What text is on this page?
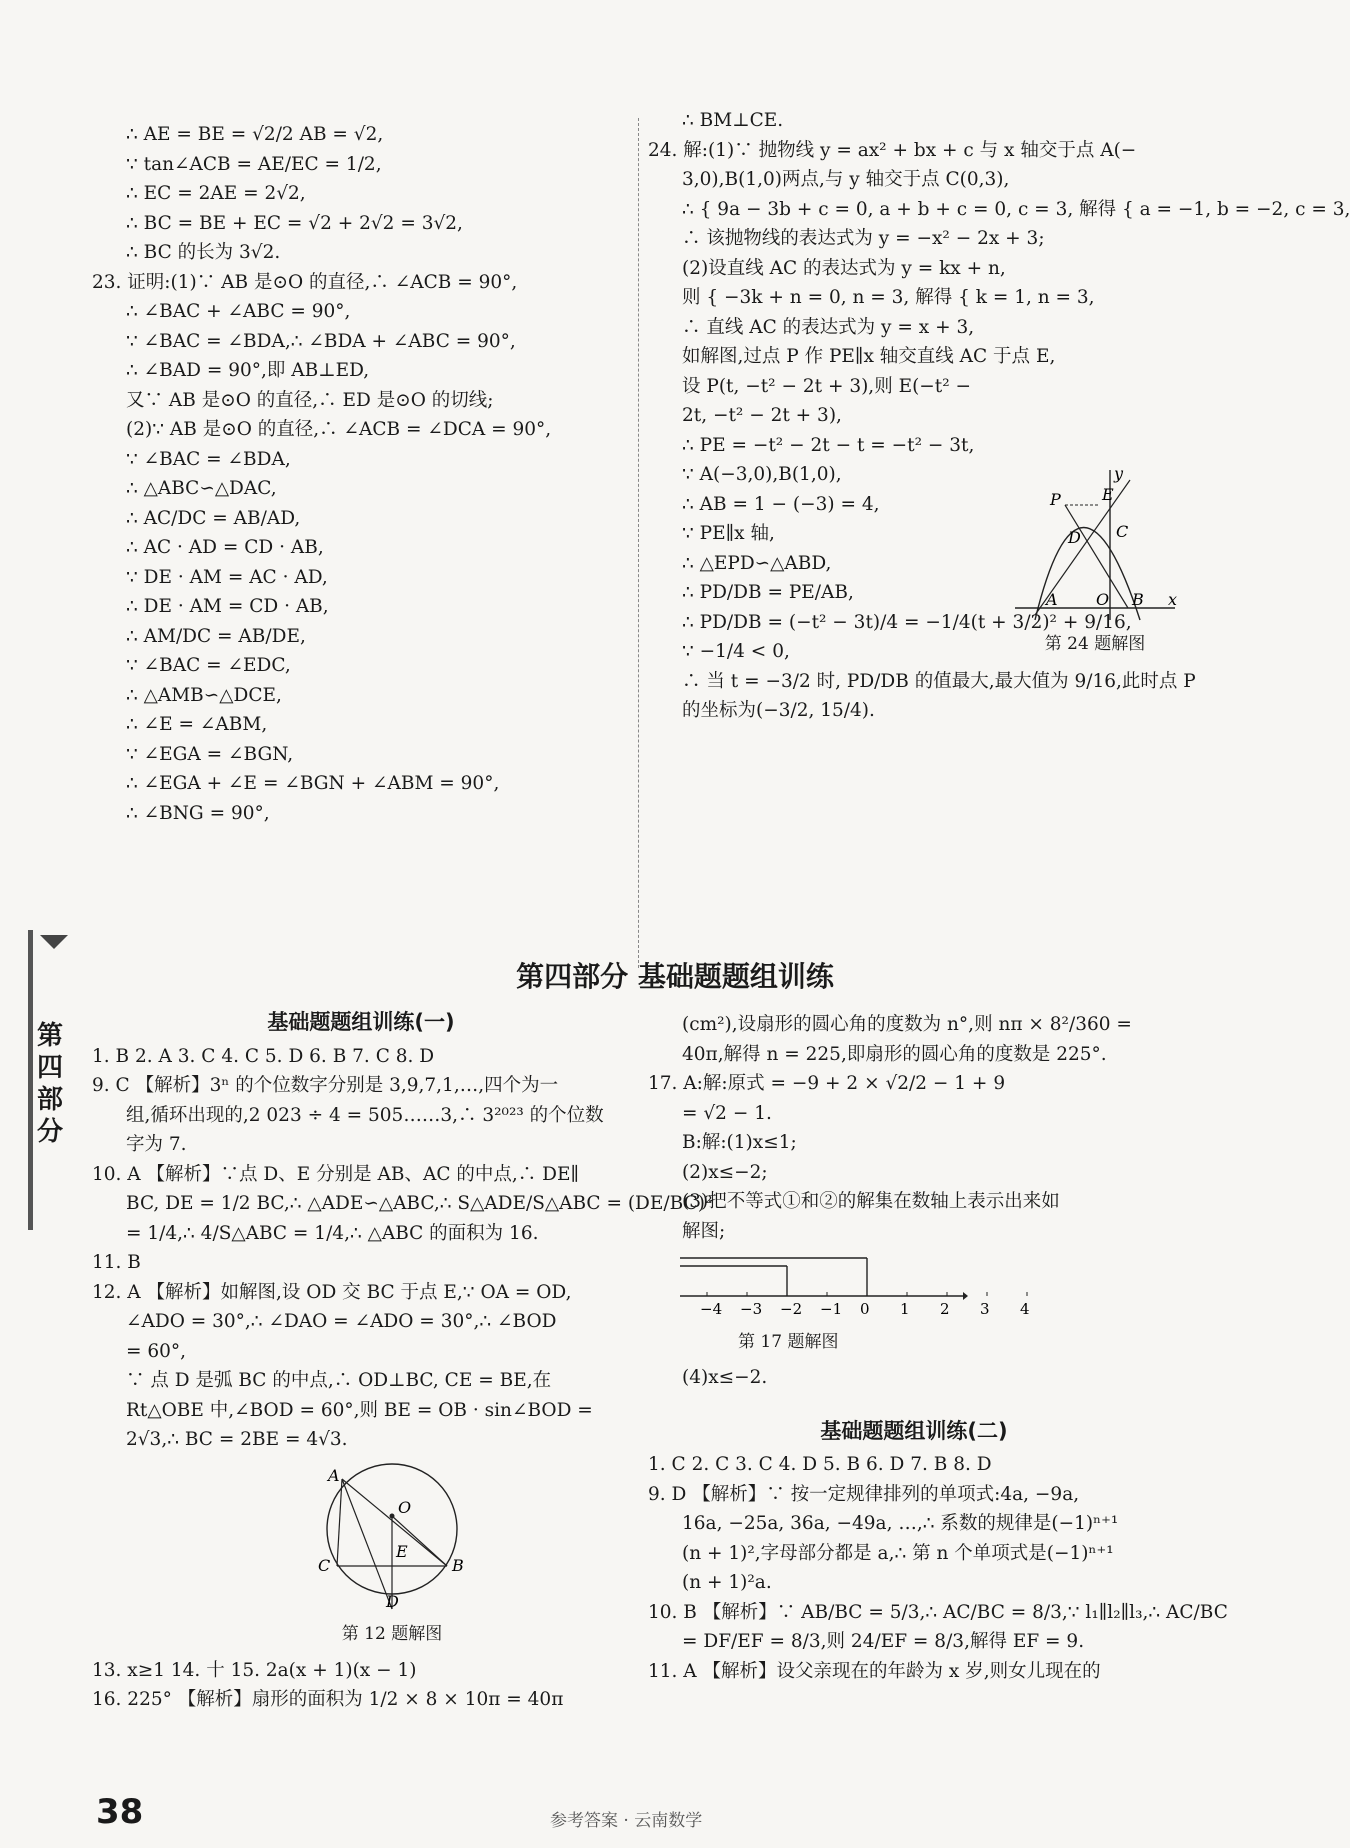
∴ AE = BE = √2/2 AB = √2,
∵ tan∠ACB = AE/EC = 1/2,
∴ EC = 2AE = 2√2,
∴ BC = BE + EC = √2 + 2√2 = 3√2,
∴ BC 的长为 3√2.
23. 证明:(1)∵ AB 是⊙O 的直径,∴ ∠ACB = 90°,
∴ ∠BAC + ∠ABC = 90°,
∵ ∠BAC = ∠BDA,∴ ∠BDA + ∠ABC = 90°,
∴ ∠BAD = 90°,即 AB⊥ED,
又∵ AB 是⊙O 的直径,∴ ED 是⊙O 的切线;
(2)∵ AB 是⊙O 的直径,∴ ∠ACB = ∠DCA = 90°,
∵ ∠BAC = ∠BDA,
∴ △ABC∽△DAC,
∴ AC/DC = AB/AD,
∴ AC · AD = CD · AB,
∵ DE · AM = AC · AD,
∴ DE · AM = CD · AB,
∴ AM/DC = AB/DE,
∵ ∠BAC = ∠EDC,
∴ △AMB∽△DCE,
∴ ∠E = ∠ABM,
∵ ∠EGA = ∠BGN,
∴ ∠EGA + ∠E = ∠BGN + ∠ABM = 90°,
∴ ∠BNG = 90°,
∴ BM⊥CE.
24. 解:(1)∵ 抛物线 y = ax² + bx + c 与 x 轴交于点 A(−
3,0),B(1,0)两点,与 y 轴交于点 C(0,3),
∴ { 9a − 3b + c = 0, a + b + c = 0, c = 3, 解得 { a = −1, b = −2, c = 3,
∴ 该抛物线的表达式为 y = −x² − 2x + 3;
(2)设直线 AC 的表达式为 y = kx + n,
则 { −3k + n = 0, n = 3, 解得 { k = 1, n = 3,
∴ 直线 AC 的表达式为 y = x + 3,
如解图,过点 P 作 PE∥x 轴交直线 AC 于点 E,
设 P(t, −t² − 2t + 3),则 E(−t² −
2t, −t² − 2t + 3),
∴ PE = −t² − 2t − t = −t² − 3t,
∵ A(−3,0),B(1,0),
∴ AB = 1 − (−3) = 4,
∵ PE∥x 轴,
∴ △EPD∽△ABD,
∴ PD/DB = PE/AB,
∴ PD/DB = (−t² − 3t)/4 = −1/4(t + 3/2)² + 9/16,
∵ −1/4 < 0,
∴ 当 t = −3/2 时, PD/DB 的值最大,最大值为 9/16,此时点 P
的坐标为(−3/2, 15/4).
P	E
D C
A O B x
y
第 24 题解图
第四部分 基础题题组训练
第
四
部
分
基础题题组训练(一)
1. B 2. A 3. C 4. C 5. D 6. B 7. C 8. D
9. C 【解析】3ⁿ 的个位数字分别是 3,9,7,1,…,四个为一
组,循环出现的,2 023 ÷ 4 = 505……3,∴ 3²⁰²³ 的个位数
字为 7.
10. A 【解析】∵点 D、E 分别是 AB、AC 的中点,∴ DE∥
BC, DE = 1/2 BC,∴ △ADE∽△ABC,∴ S△ADE/S△ABC = (DE/BC)²
= 1/4,∴ 4/S△ABC = 1/4,∴ △ABC 的面积为 16.
11. B
12. A 【解析】如解图,设 OD 交 BC 于点 E,∵ OA = OD,
∠ADO = 30°,∴ ∠DAO = ∠ADO = 30°,∴ ∠BOD
= 60°,
∵ 点 D 是弧 BC 的中点,∴ OD⊥BC, CE = BE,在
Rt△OBE 中,∠BOD = 60°,则 BE = OB · sin∠BOD =
2√3,∴ BC = 2BE = 4√3.
A
O
E
C	B
D
第 12 题解图
13. x≥1 14. 十 15. 2a(x + 1)(x − 1)
16. 225° 【解析】扇形的面积为 1/2 × 8 × 10π = 40π
(cm²),设扇形的圆心角的度数为 n°,则 nπ × 8²/360 =
40π,解得 n = 225,即扇形的圆心角的度数是 225°.
17. A:解:原式 = −9 + 2 × √2/2 − 1 + 9
= √2 − 1.
B:解:(1)x≤1;
(2)x≤−2;
(3)把不等式①和②的解集在数轴上表示出来如
解图;
−4 −3 −2 −1 0 1 2 3 4
第 17 题解图
(4)x≤−2.
基础题题组训练(二)
1. C 2. C 3. C 4. D 5. B 6. D 7. B 8. D
9. D 【解析】∵ 按一定规律排列的单项式:4a, −9a,
16a, −25a, 36a, −49a, …,∴ 系数的规律是(−1)ⁿ⁺¹
(n + 1)²,字母部分都是 a,∴ 第 n 个单项式是(−1)ⁿ⁺¹
(n + 1)²a.
10. B 【解析】∵ AB/BC = 5/3,∴ AC/BC = 8/3,∵ l₁∥l₂∥l₃,∴ AC/BC
= DF/EF = 8/3,则 24/EF = 8/3,解得 EF = 9.
11. A 【解析】设父亲现在的年龄为 x 岁,则女儿现在的
38	参考答案 · 云南数学
